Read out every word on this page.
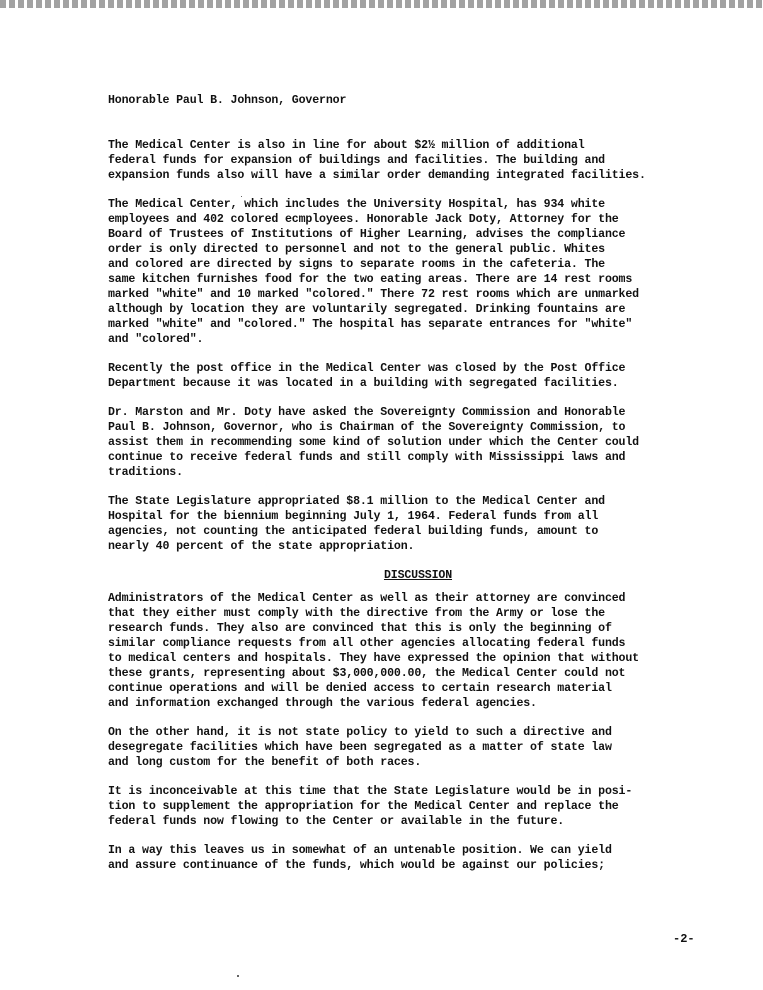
Honorable Paul B. Johnson, Governor

The Medical Center is also in line for about $2½ million of additional
federal funds for expansion of buildings and facilities. The building and
expansion funds also will have a similar order demanding integrated facilities.

The Medical Center, which includes the University Hospital, has 934 white
employees and 402 colored ecmployees. Honorable Jack Doty, Attorney for the
Board of Trustees of Institutions of Higher Learning, advises the compliance
order is only directed to personnel and not to the general public. Whites
and colored are directed by signs to separate rooms in the cafeteria. The
same kitchen furnishes food for the two eating areas. There are 14 rest rooms
marked "white" and 10 marked "colored." There 72 rest rooms which are unmarked
although by location they are voluntarily segregated. Drinking fountains are
marked "white" and "colored." The hospital has separate entrances for "white"
and "colored".

Recently the post office in the Medical Center was closed by the Post Office
Department because it was located in a building with segregated facilities.

Dr. Marston and Mr. Doty have asked the Sovereignty Commission and Honorable
Paul B. Johnson, Governor, who is Chairman of the Sovereignty Commission, to
assist them in recommending some kind of solution under which the Center could
continue to receive federal funds and still comply with Mississippi laws and
traditions.

The State Legislature appropriated $8.1 million to the Medical Center and
Hospital for the biennium beginning July 1, 1964. Federal funds from all
agencies, not counting the anticipated federal building funds, amount to
nearly 40 percent of the state appropriation.

DISCUSSION

Administrators of the Medical Center as well as their attorney are convinced
that they either must comply with the directive from the Army or lose the
research funds. They also are convinced that this is only the beginning of
similar compliance requests from all other agencies allocating federal funds
to medical centers and hospitals. They have expressed the opinion that without
these grants, representing about $3,000,000.00, the Medical Center could not
continue operations and will be denied access to certain research material
and information exchanged through the various federal agencies.

On the other hand, it is not state policy to yield to such a directive and
desegregate facilities which have been segregated as a matter of state law
and long custom for the benefit of both races.

It is inconceivable at this time that the State Legislature would be in posi-
tion to supplement the appropriation for the Medical Center and replace the
federal funds now flowing to the Center or available in the future.

In a way this leaves us in somewhat of an untenable position. We can yield
and assure continuance of the funds, which would be against our policies;

-2-
